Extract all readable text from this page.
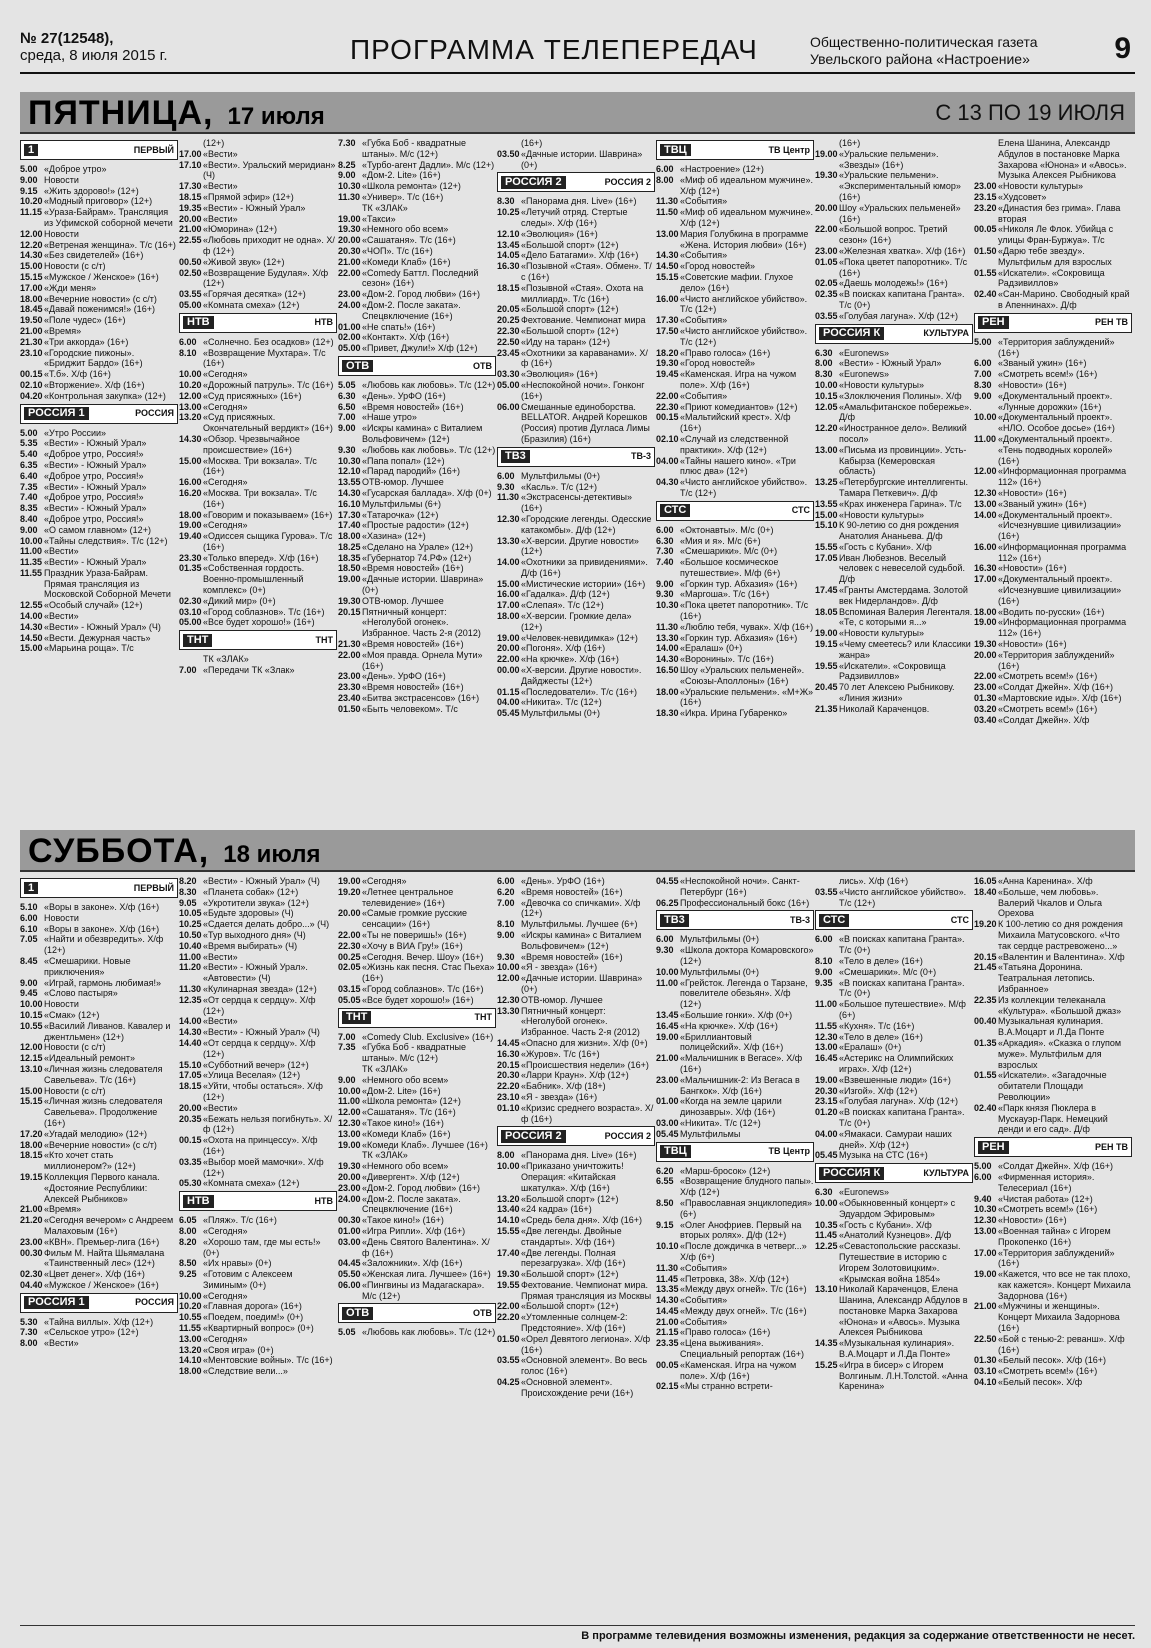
№ 27(12548),
среда, 8 июля 2015 г.	ПРОГРАММА ТЕЛЕПЕРЕДАЧ	Общественно-политическая газета
Увельского района «Настроение»	9
ПЯТНИЦА, 17 июля	С 13 ПО 19 ИЮЛЯ
1	ПЕРВЫЙ
5.00 «Доброе утро»
9.00 Новости
9.15 «Жить здорово!» (12+)
10.20 «Модный приговор» (12+)
11.15 «Ураза-Байрам». Трансляция из Уфимской соборной мечети
12.00 Новости
12.20 «Ветреная женщина». Т/с (16+)
14.30 «Без свидетелей» (16+)
15.00 Новости (с с/т)
15.15 «Мужское / Женское» (16+)
17.00 «Жди меня»
18.00 «Вечерние новости» (с с/т)
18.45 «Давай поженимся!» (16+)
19.50 «Поле чудес» (16+)
21.00 «Время»
21.30 «Три аккорда» (16+)
23.10 «Городские пижоны». «Бриджит Бардо» (16+)
00.15 «Т.б». Х/ф (16+)
02.10 «Вторжение». Х/ф (16+)
04.20 «Контрольная закупка» (12+)
РОССИЯ 1	РОССИЯ
5.00 «Утро России»
5.35 «Вести» - Южный Урал»
5.40 «Доброе утро, Россия!»
6.35 «Вести» - Южный Урал»
6.40 «Доброе утро, Россия!»
7.35 «Вести» - Южный Урал»
7.40 «Доброе утро, Россия!»
8.35 «Вести» - Южный Урал»
8.40 «Доброе утро, Россия!»
9.00 «О самом главном» (12+)
10.00 «Тайны следствия». Т/с (12+)
11.00 «Вести»
11.35 «Вести» - Южный Урал»
11.55 Праздник Ураза-Байрам. Прямая трансляция из Московской Соборной Мечети
12.55 «Особый случай» (12+)
14.00 «Вести»
14.30 «Вести» - Южный Урал» (Ч)
14.50 «Вести. Дежурная часть»
15.00 «Марьина роща». Т/с
(12+)
17.00 «Вести»
17.10 «Вести». Уральский меридиан» (Ч)
17.30 «Вести»
18.15 «Прямой эфир» (12+)
19.35 «Вести» - Южный Урал»
20.00 «Вести»
21.00 «Юморина» (12+)
22.55 «Любовь приходит не одна». Х/ф (12+)
00.50 «Живой звук» (12+)
02.50 «Возвращение Будулая». Х/ф (12+)
03.55 «Горячая десятка» (12+)
05.00 «Комната смеха» (12+)
НТВ	НТВ
6.00 «Солнечно. Без осадков» (12+)
8.10 «Возвращение Мухтара». Т/с (16+)
10.00 «Сегодня»
10.20 «Дорожный патруль». Т/с (16+)
12.00 «Суд присяжных» (16+)
13.00 «Сегодня»
13.20 «Суд присяжных. Окончательный вердикт» (16+)
14.30 «Обзор. Чрезвычайное происшествие» (16+)
15.00 «Москва. Три вокзала». Т/с (16+)
16.00 «Сегодня»
16.20 «Москва. Три вокзала». Т/с (16+)
18.00 «Говорим и показываем» (16+)
19.00 «Сегодня»
19.40 «Одиссея сыщика Гурова». Т/с (16+)
23.30 «Только вперед». Х/ф (16+)
01.35 «Собственная гордость. Военно-промышленный комплекс» (0+)
02.30 «Дикий мир» (0+)
03.10 «Город соблазнов». Т/с (16+)
05.00 «Все будет хорошо!» (16+)
ТНТ	ТНТ
ТК «ЗЛАК»
7.00 «Передачи ТК «Злак»
7.30 «Губка Боб - квадратные штаны». М/с (12+)
8.25 «Турбо-агент Дадли». М/с (12+)
9.00 «Дом-2. Lite» (16+)
10.30 «Школа ремонта» (12+)
11.30 «Универ». Т/с (16+)
ТК «ЗЛАК»
19.00 «Такси»
19.30 «Немного обо всем»
20.00 «Сашатаня». Т/с (16+)
20.30 «ЧОП». Т/с (16+)
21.00 «Комеди Клаб» (16+)
22.00 «Comedy Баттл. Последний сезон» (16+)
23.00 «Дом-2. Город любви» (16+)
24.00 «Дом-2. После заката». Спецвключение (16+)
01.00 «Не спать!» (16+)
02.00 «Контакт». Х/ф (16+)
05.00 «Привет, Джули!» Х/ф (12+)
ОТВ	ОТВ
5.05 «Любовь как любовь». Т/с (12+)
6.30 «День». УрФО (16+)
6.50 «Время новостей» (16+)
7.00 «Наше утро»
9.00 «Искры камина» с Виталием Вольфовичем» (12+)
9.30 «Любовь как любовь». Т/с (12+)
10.30 «Папа попал» (12+)
12.10 «Парад пародий» (16+)
13.55 ОТВ-юмор. Лучшее
14.30 «Гусарская баллада». Х/ф (0+)
16.10 Мультфильмы (6+)
17.30 «Татарочка» (12+)
17.40 «Простые радости» (12+)
18.00 «Хазина» (12+)
18.25 «Сделано на Урале» (12+)
18.35 «Губернатор 74.РФ» (12+)
18.50 «Время новостей» (16+)
19.00 «Дачные истории. Шаврина» (0+)
19.30 ОТВ-юмор. Лучшее
20.15 Пятничный концерт: «Неголубой огонек». Избранное. Часть 2-я (2012)
21.30 «Время новостей» (16+)
22.00 «Моя правда. Орнела Мути» (16+)
23.00 «День». УрФО (16+)
23.30 «Время новостей» (16+)
23.40 «Битва экстрасенсов» (16+)
01.50 «Быть человеком». Т/с
(16+)
03.50 «Дачные истории. Шаврина» (0+)
РОССИЯ 2	РОССИЯ 2
8.30 «Панорама дня. Live» (16+)
10.25 «Летучий отряд. Стертые следы». Х/ф (16+)
12.10 «Эволюция» (16+)
13.45 «Большой спорт» (12+)
14.05 «Дело Батагами». Х/ф (16+)
16.30 «Позывной «Стая». Обмен». Т/с (16+)
18.15 «Позывной «Стая». Охота на миллиард». Т/с (16+)
20.05 «Большой спорт» (12+)
20.25 Фехтование. Чемпионат мира
22.30 «Большой спорт» (12+)
22.50 «Иду на таран» (12+)
23.45 «Охотники за караванами». Х/ф (16+)
03.30 «Эволюция» (16+)
05.00 «Неспокойной ночи». Гонконг (16+)
06.00 Смешанные единоборства. BELLATOR. Андрей Корешков (Россия) против Дугласа Лимы (Бразилия) (16+)
ТВ3	ТВ-3
6.00 Мультфильмы (0+)
9.30 «Касль». Т/с (12+)
11.30 «Экстрасенсы-детективы» (16+)
12.30 «Городские легенды. Одесские катакомбы». Д/ф (12+)
13.30 «Х-версии. Другие новости» (12+)
14.00 «Охотники за привидениями». Д/ф (16+)
15.00 «Мистические истории» (16+)
16.00 «Гадалка». Д/ф (12+)
17.00 «Слепая». Т/с (12+)
18.00 «Х-версии. Громкие дела» (12+)
19.00 «Человек-невидимка» (12+)
20.00 «Погоня». Х/ф (16+)
22.00 «На крючке». Х/ф (16+)
00.00 «Х-версии. Другие новости». Дайджесты (12+)
01.15 «Последователи». Т/с (16+)
04.00 «Никита». Т/с (12+)
05.45 Мультфильмы (0+)
ТВЦ	ТВ Центр
6.00 «Настроение» (12+)
8.00 «Миф об идеальном мужчине». Х/ф (12+)
11.30 «События»
11.50 «Миф об идеальном мужчине». Х/ф (12+)
13.00 Мария Голубкина в программе «Жена. История любви» (16+)
14.30 «События»
14.50 «Город новостей»
15.15 «Советские мафии. Глухое дело» (16+)
16.00 «Чисто английское убийство». Т/с (12+)
17.30 «События»
17.50 «Чисто английское убийство». Т/с (12+)
18.20 «Право голоса» (16+)
19.30 «Город новостей»
19.45 «Каменская. Игра на чужом поле». Х/ф (16+)
22.00 «События»
22.30 «Приют комедиантов» (12+)
00.15 «Мальтийский крест». Х/ф (16+)
02.10 «Случай из следственной практики». Х/ф (12+)
04.00 «Тайны нашего кино». «Три плюс два» (12+)
04.30 «Чисто английское убийство». Т/с (12+)
СТС	СТС
6.00 «Октонавты». М/с (0+)
6.30 «Мия и я». М/с (6+)
7.30 «Смешарики». М/с (0+)
7.40 «Большое космическое путешествие». М/ф (6+)
9.00 «Горкин тур. Абхазия» (16+)
9.30 «Маргоша». Т/с (16+)
10.30 «Пока цветет папоротник». Т/с (16+)
11.30 «Люблю тебя, чувак». Х/ф (16+)
13.30 «Горкин тур. Абхазия» (16+)
14.00 «Ералаш» (0+)
14.30 «Воронины». Т/с (16+)
16.50 Шоу «Уральских пельменей». «Союзы-Аполлоны» (16+)
18.00 «Уральские пельмени». «М+Ж» (16+)
18.30 «Икра. Ирина Губаренко»
(16+)
19.00 «Уральские пельмени». «Звезды» (16+)
19.30 «Уральские пельмени». «Экспериментальный юмор» (16+)
20.00 Шоу «Уральских пельменей» (16+)
22.00 «Большой вопрос. Третий сезон» (16+)
23.00 «Железная хватка». Х/ф (16+)
01.05 «Пока цветет папоротник». Т/с (16+)
02.05 «Даешь молодежь!» (16+)
02.35 «В поисках капитана Гранта». Т/с (0+)
03.55 «Голубая лагуна». Х/ф (12+)
РОССИЯ К	КУЛЬТУРА
6.30 «Euronews»
8.00 «Вести» - Южный Урал»
8.30 «Euronews»
10.00 «Новости культуры»
10.15 «Злоключения Полины». Х/ф
12.05 «Амальфитанское побережье». Д/ф
12.20 «Иностранное дело». Великий посол»
13.00 «Письма из провинции». Усть-Кабырза (Кемеровская область)
13.25 «Петербургские интеллигенты. Тамара Петкевич». Д/ф
13.55 «Крах инженера Гарина». Т/с
15.00 «Новости культуры»
15.10 К 90-летию со дня рождения Анатолия Ананьева. Д/ф
15.55 «Гость с Кубани». Х/ф
17.05 Иван Любезнов. Веселый человек с невеселой судьбой. Д/ф
17.45 «Гранты Амстердама. Золотой век Нидерландов». Д/ф
18.05 Вспоминая Валерия Легенталя. «Те, с которыми я...»
19.00 «Новости культуры»
19.15 «Чему смеетесь? или Классики жанра»
19.55 «Искатели». «Сокровища Радзивиллов»
20.45 70 лет Алексею Рыбникову. «Линия жизни»
21.35 Николай Караченцов.
Елена Шанина, Александр Абдулов в постановке Марка Захарова «Юнона» и «Авось». Музыка Алексея Рыбникова
23.00 «Новости культуры»
23.15 «Худсовет»
23.20 «Династия без грима». Глава вторая
00.05 «Николя Ле Флок. Убийца с улицы Фран-Буржуа». Т/с
01.50 «Дарю тебе звезду». Мультфильм для взрослых
01.55 «Искатели». «Сокровища Радзивиллов»
02.40 «Сан-Марино. Свободный край в Апеннинах». Д/ф
РЕН	РЕН ТВ
5.00 «Территория заблуждений» (16+)
6.00 «Званый ужин» (16+)
7.00 «Смотреть всем!» (16+)
8.30 «Новости» (16+)
9.00 «Документальный проект». «Лунные дорожки» (16+)
10.00 «Документальный проект». «НЛО. Особое досье» (16+)
11.00 «Документальный проект». «Тень подводных королей» (16+)
12.00 «Информационная программа 112» (16+)
12.30 «Новости» (16+)
13.00 «Званый ужин» (16+)
14.00 «Документальный проект». «Исчезнувшие цивилизации» (16+)
16.00 «Информационная программа 112» (16+)
16.30 «Новости» (16+)
17.00 «Документальный проект». «Исчезнувшие цивилизации» (16+)
18.00 «Водить по-русски» (16+)
19.00 «Информационная программа 112» (16+)
19.30 «Новости» (16+)
20.00 «Территория заблуждений» (16+)
22.00 «Смотреть всем!» (16+)
23.00 «Солдат Джейн». Х/ф (16+)
01.30 «Мартовские иды». Х/ф (16+)
03.20 «Смотреть всем!» (16+)
03.40 «Солдат Джейн». Х/ф
СУББОТА, 18 июля
1	ПЕРВЫЙ
5.10 «Воры в законе». Х/ф (16+)
6.00 Новости
6.10 «Воры в законе». Х/ф (16+)
7.05 «Найти и обезвредить». Х/ф (12+)
8.45 «Смешарики. Новые приключения»
9.00 «Играй, гармонь любимая!»
9.45 «Слово пастыря»
10.00 Новости
10.15 «Смак» (12+)
10.55 «Василий Ливанов. Кавалер и джентльмен» (12+)
12.00 Новости (с с/т)
12.15 «Идеальный ремонт»
13.10 «Личная жизнь следователя Савельева». Т/с (16+)
15.00 Новости (с с/т)
15.15 «Личная жизнь следователя Савельева». Продолжение (16+)
17.20 «Угадай мелодию» (12+)
18.00 «Вечерние новости» (с с/т)
18.15 «Кто хочет стать миллионером?» (12+)
19.15 Коллекция Первого канала. «Достояние Республики: Алексей Рыбников»
21.00 «Время»
21.20 «Сегодня вечером» с Андреем Малаховым (16+)
23.00 «КВН». Премьер-лига (16+)
00.30 Фильм М. Найта Шьямалана «Таинственный лес» (12+)
02.30 «Цвет денег». Х/ф (16+)
04.40 «Мужское / Женское» (16+)
РОССИЯ 1	РОССИЯ
5.30 «Тайна виллы». Х/ф (12+)
7.30 «Сельское утро» (12+)
8.00 «Вести»
8.20 «Вести» - Южный Урал» (Ч)
8.30 «Планета собак» (12+)
9.05 «Укротители звука» (12+)
10.05 «Будьте здоровы» (Ч)
10.25 «Сдается делать добро...» (Ч)
10.50 «Тур выходного дня» (Ч)
10.40 «Время выбирать» (Ч)
11.00 «Вести»
11.20 «Вести» - Южный Урал». «Автовести» (Ч)
11.30 «Кулинарная звезда» (12+)
12.35 «От сердца к сердцу». Х/ф (12+)
14.00 «Вести»
14.30 «Вести» - Южный Урал» (Ч)
14.40 «От сердца к сердцу». Х/ф (12+)
15.10 «Субботний вечер» (12+)
17.05 «Улица Веселая» (12+)
18.15 «Уйти, чтобы остаться». Х/ф (12+)
20.00 «Вести»
20.35 «Бежать нельзя погибнуть». Х/ф (12+)
00.15 «Охота на принцессу». Х/ф (16+)
03.35 «Выбор моей мамочки». Х/ф (12+)
05.30 «Комната смеха» (12+)
НТВ	НТВ
6.05 «Пляж». Т/с (16+)
8.00 «Сегодня»
8.20 «Хорошо там, где мы есть!» (0+)
8.50 «Их нравы» (0+)
9.25 «Готовим с Алексеем Зиминым» (0+)
10.00 «Сегодня»
10.20 «Главная дорога» (16+)
10.55 «Поедем, поедим!» (0+)
11.55 «Квартирный вопрос» (0+)
13.00 «Сегодня»
13.20 «Своя игра» (0+)
14.10 «Ментовские войны». Т/с (16+)
18.00 «Следствие вели...»
19.00 «Сегодня»
19.20 «Летнее центральное телевидение» (16+)
20.00 «Самые громкие русские сенсации» (16+)
22.00 «Ты не поверишь!» (16+)
22.30 «Хочу в ВИА Гру!» (16+)
00.25 «Сегодня. Вечер. Шоу» (16+)
02.05 «Жизнь как песня. Стас Пьеха» (16+)
03.15 «Город соблазнов». Т/с (16+)
05.05 «Все будет хорошо!» (16+)
ТНТ	ТНТ
7.00 «Comedy Club. Exclusive» (16+)
7.35 «Губка Боб - квадратные штаны». М/с (12+)
ТК «ЗЛАК»
9.00 «Немного обо всем»
10.00 «Дом-2. Lite» (16+)
11.00 «Школа ремонта» (12+)
12.00 «Сашатаня». Т/с (16+)
12.30 «Такое кино!» (16+)
13.00 «Комеди Клаб» (16+)
19.00 «Комеди Клаб». Лучшее (16+)
ТК «ЗЛАК»
19.30 «Немного обо всем»
20.00 «Дивергент». Х/ф (12+)
23.00 «Дом-2. Город любви» (16+)
24.00 «Дом-2. После заката». Спецвключение (16+)
00.30 «Такое кино!» (16+)
01.00 «Игра Рипли». Х/ф (16+)
03.00 «День Святого Валентина». Х/ф (16+)
04.45 «Заложники». Х/ф (16+)
05.50 «Женская лига. Лучшее» (16+)
06.00 «Пингвины из Мадагаскара». М/с (12+)
ОТВ	ОТВ
5.05 «Любовь как любовь». Т/с (12+)
6.00 «День». УрФО (16+)
6.20 «Время новостей» (16+)
7.00 «Девочка со спичками». Х/ф (12+)
8.10 Мультфильмы. Лучшее (6+)
9.00 «Искры камина» с Виталием Вольфовичем» (12+)
9.30 «Время новостей» (16+)
10.00 «Я - звезда» (16+)
12.00 «Дачные истории. Шаврина» (0+)
12.30 ОТВ-юмор. Лучшее
13.30 Пятничный концерт: «Неголубой огонек». Избранное. Часть 2-я (2012)
14.45 «Опасно для жизни». Х/ф (0+)
16.30 «Журов». Т/с (16+)
20.15 «Происшествия недели» (16+)
20.30 «Ларри Краун». Х/ф (12+)
22.20 «Бабник». Х/ф (18+)
23.10 «Я - звезда» (16+)
01.10 «Кризис среднего возраста». Х/ф (16+)
РОССИЯ 2	РОССИЯ 2
8.00 «Панорама дня. Live» (16+)
10.00 «Приказано уничтожить! Операция: «Китайская шкатулка». Х/ф (16+)
13.20 «Большой спорт» (12+)
13.40 «24 кадра» (16+)
14.10 «Средь бела дня». Х/ф (16+)
15.55 «Две легенды. Двойные стандарты». Х/ф (16+)
17.40 «Две легенды. Полная перезагрузка». Х/ф (16+)
19.30 «Большой спорт» (12+)
19.55 Фехтование. Чемпионат мира. Прямая трансляция из Москвы
22.00 «Большой спорт» (12+)
22.20 «Утомленные солнцем-2: Предстояние». Х/ф (16+)
01.50 «Орел Девятого легиона». Х/ф (16+)
03.55 «Основной элемент». Во весь голос (16+)
04.25 «Основной элемент». Происхождение речи (16+)
04.55 «Неспокойной ночи». Санкт-Петербург (16+)
06.25 Профессиональный бокс (16+)
ТВ3	ТВ-3
6.00 Мультфильмы (0+)
9.30 «Школа доктора Комаровского» (12+)
10.00 Мультфильмы (0+)
11.00 «Грейсток. Легенда о Тарзане, повелителе обезьян». Х/ф (12+)
13.45 «Большие гонки». Х/ф (0+)
16.45 «На крючке». Х/ф (16+)
19.00 «Бриллиантовый полицейский». Х/ф (16+)
21.00 «Мальчишник в Вегасе». Х/ф (16+)
23.00 «Мальчишник-2: Из Вегаса в Бангкок». Х/ф (16+)
01.00 «Когда на земле царили динозавры». Х/ф (16+)
03.00 «Никита». Т/с (12+)
05.45 Мультфильмы
ТВЦ	ТВ Центр
6.20 «Марш-бросок» (12+)
6.55 «Возвращение блудного папы». Х/ф (12+)
8.50 «Православная энциклопедия» (6+)
9.15 «Олег Анофриев. Первый на вторых ролях». Д/ф (12+)
10.10 «После дождичка в четверг...» Х/ф (6+)
11.30 «События»
11.45 «Петровка, 38». Х/ф (12+)
13.35 «Между двух огней». Т/с (16+)
14.30 «События»
14.45 «Между двух огней». Т/с (16+)
21.00 «События»
21.15 «Право голоса» (16+)
23.35 «Цена выживания». Специальный репортаж (16+)
00.05 «Каменская. Игра на чужом поле». Х/ф (16+)
02.15 «Мы странно встрети-
лись». Х/ф (16+)
03.55 «Чисто английское убийство». Т/с (12+)
СТС	СТС
6.00 «В поисках капитана Гранта». Т/с (0+)
8.10 «Тело в деле» (16+)
9.00 «Смешарики». М/с (0+)
9.35 «В поисках капитана Гранта». Т/с (0+)
11.00 «Большое путешествие». М/ф (6+)
11.55 «Кухня». Т/с (16+)
12.30 «Тело в деле» (16+)
13.00 «Ералаш» (0+)
16.45 «Астерикс на Олимпийских играх». Х/ф (12+)
19.00 «Взвешенные люди» (16+)
20.30 «Изгой». Х/ф (12+)
23.15 «Голубая лагуна». Х/ф (12+)
01.20 «В поисках капитана Гранта». Т/с (0+)
04.00 «Ямакаси. Самураи наших дней». Х/ф (12+)
05.45 Музыка на СТС (16+)
РОССИЯ К	КУЛЬТУРА
6.30 «Euronews»
10.00 «Обыкновенный концерт» с Эдуардом Эфировым»
10.35 «Гость с Кубани». Х/ф
11.45 «Анатолий Кузнецов». Д/ф
12.25 «Севастопольские рассказы. Путешествие в историю с Игорем Золотовицким». «Крымская война 1854»
13.10 Николай Караченцов, Елена Шанина, Александр Абдулов в постановке Марка Захарова «Юнона» и «Авось». Музыка Алексея Рыбникова
14.35 «Музыкальная кулинария». В.А.Моцарт и Л.Да Понте»
15.25 «Игра в бисер» с Игорем Волгиным. Л.Н.Толстой. «Анна Каренина»
16.05 «Анна Каренина». Х/ф
18.40 «Больше, чем любовь». Валерий Чкалов и Ольга Орехова
19.20 К 100-летию со дня рождения Михаила Матусовского. «Что так сердце растревожено...»
20.15 «Валентин и Валентина». Х/ф
21.45 «Татьяна Доронина. Театральная летопись. Избранное»
22.35 Из коллекции телеканала «Культура». «Большой джаз»
00.40 Музыкальная кулинария. В.А.Моцарт и Л.Да Понте
01.35 «Аркадия». «Сказка о глупом муже». Мультфильм для взрослых
01.55 «Искатели». «Загадочные обитатели Площади Революции»
02.40 «Парк князя Пюклера в Мускауэр-Парк. Немецкий денди и его сад». Д/ф
РЕН	РЕН ТВ
5.00 «Солдат Джейн». Х/ф (16+)
6.00 «Фирменная история». Телесериал (16+)
9.40 «Чистая работа» (12+)
10.30 «Смотреть всем!» (16+)
12.30 «Новости» (16+)
13.00 «Военная тайна» с Игорем Прокопенко (16+)
17.00 «Территория заблуждений» (16+)
19.00 «Кажется, что все не так плохо, как кажется». Концерт Михаила Задорнова (16+)
21.00 «Мужчины и женщины». Концерт Михаила Задорнова (16+)
22.50 «Бой с тенью-2: реванш». Х/ф (16+)
01.30 «Белый песок». Х/ф (16+)
03.10 «Смотреть всем!» (16+)
04.10 «Белый песок». Х/ф
В программе телевидения возможны изменения, редакция за содержание ответственности не несет.
